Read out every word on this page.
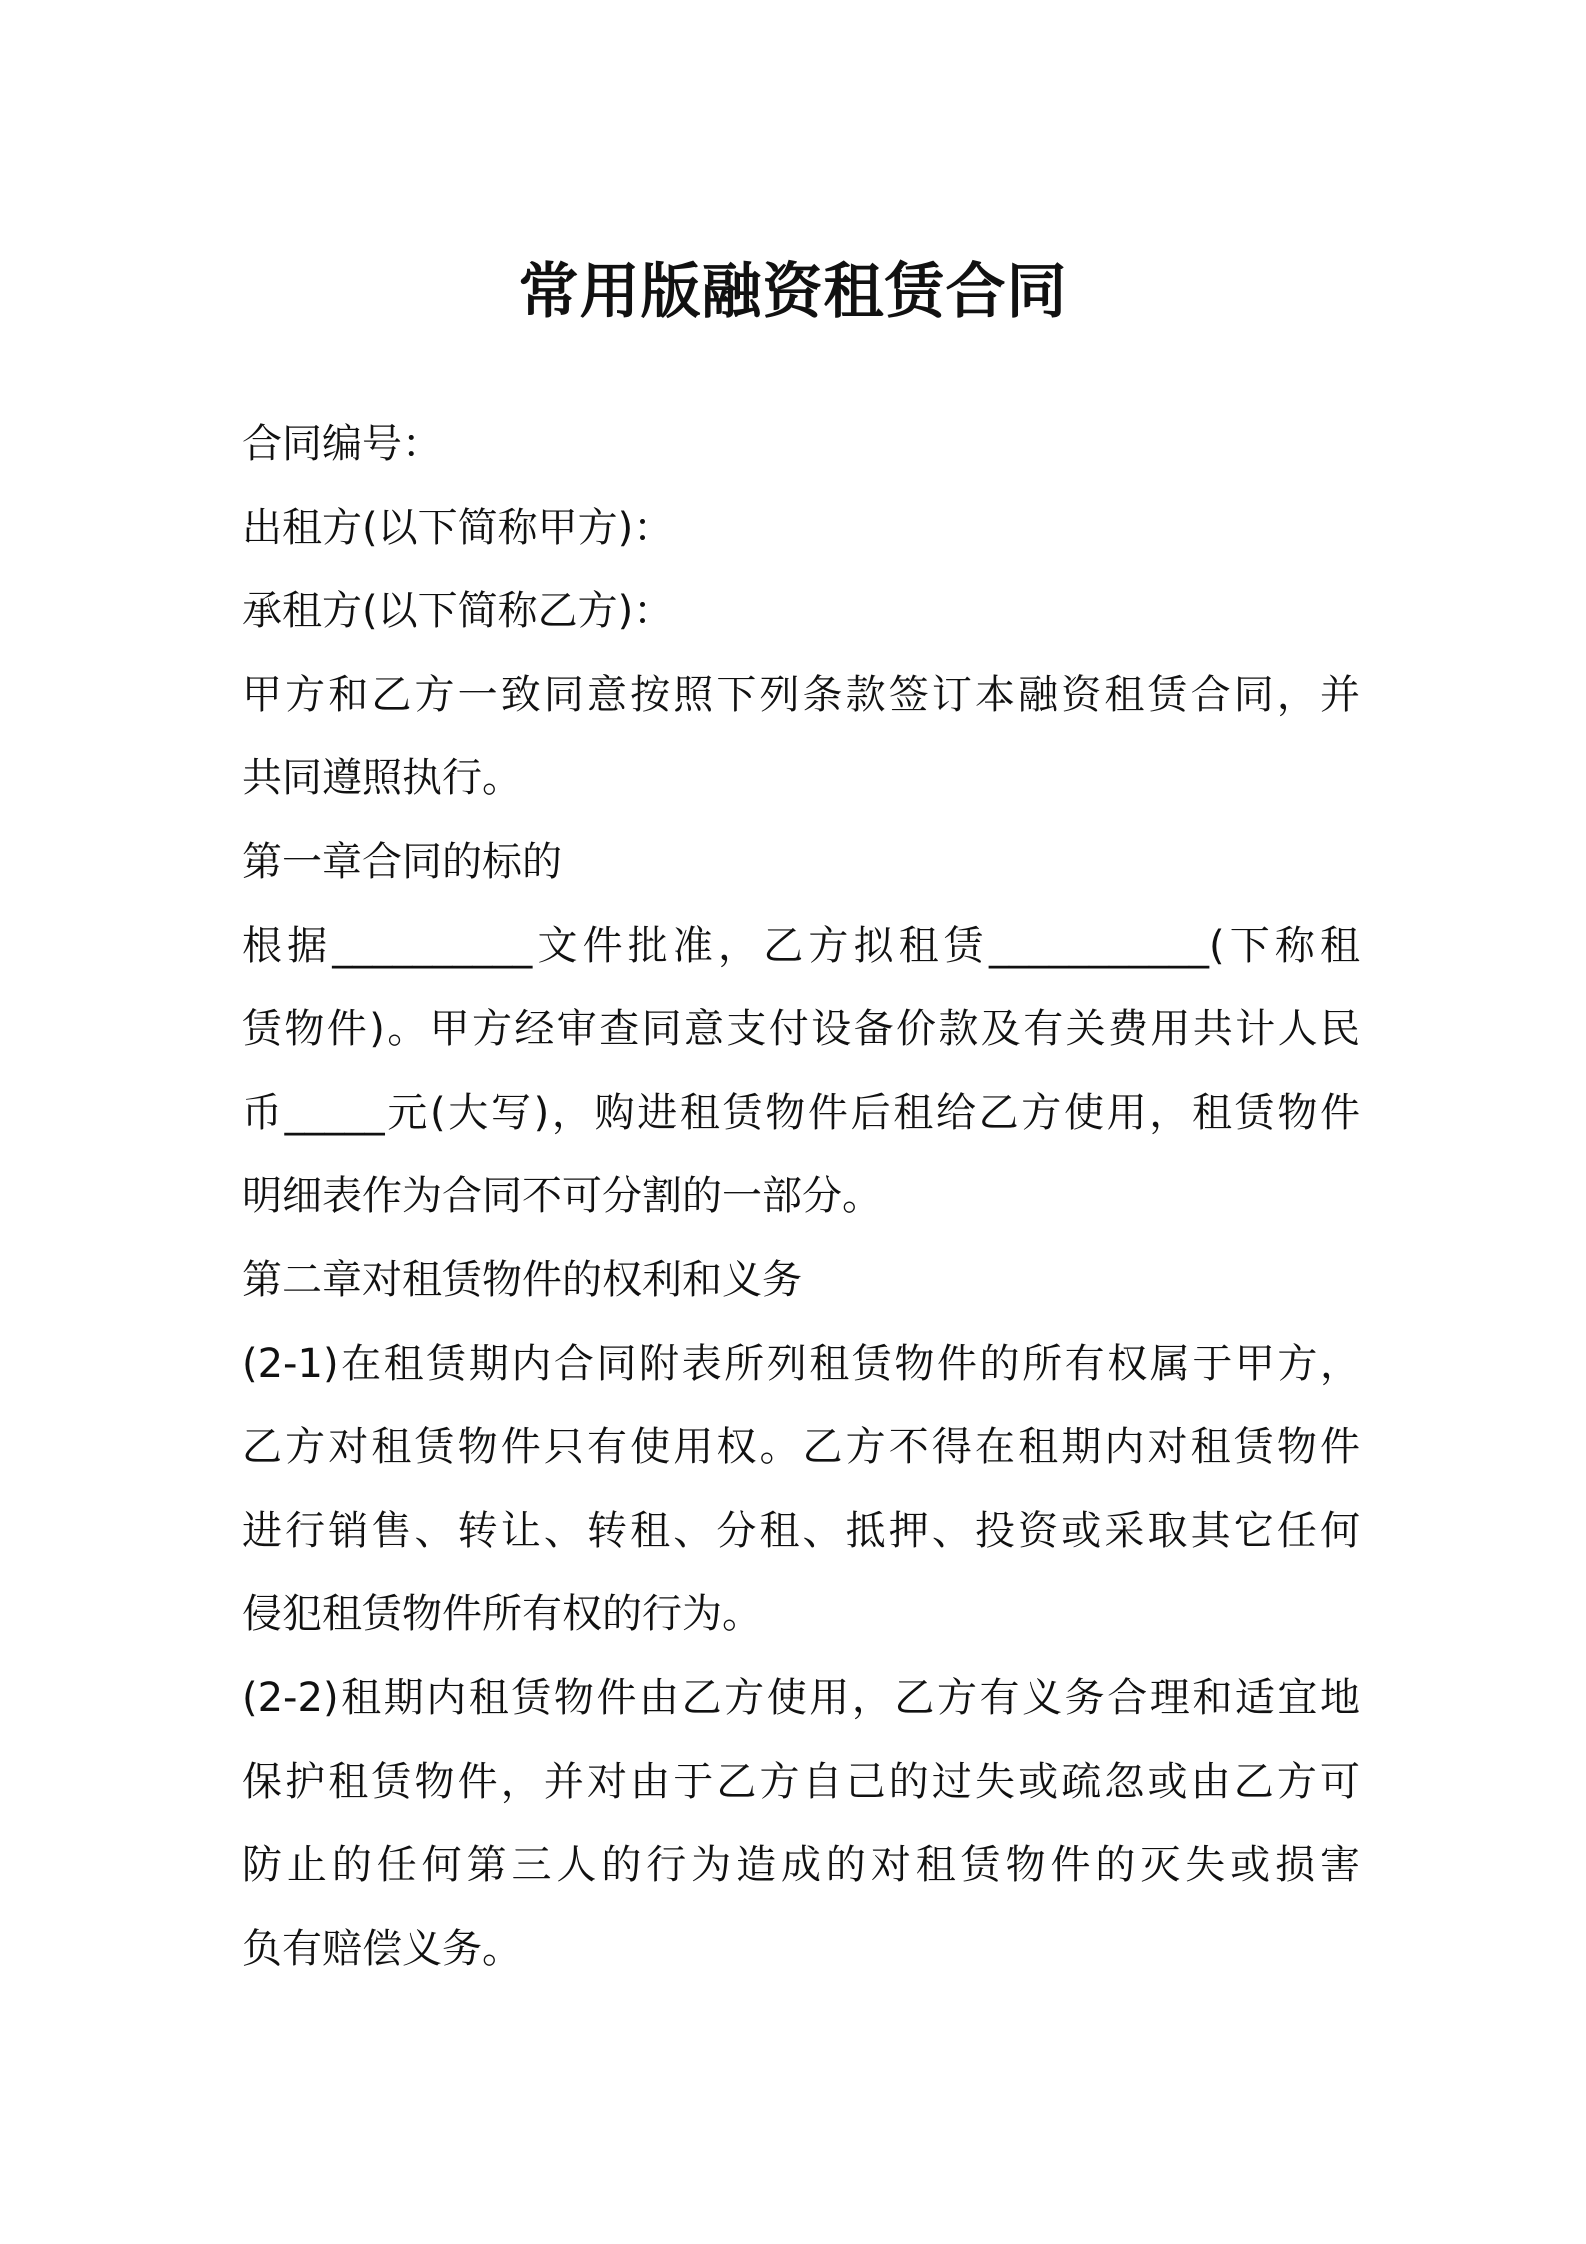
常用版融资租赁合同
合同编号：
出租方(以下简称甲方)：
承租方(以下简称乙方)：
甲方和乙方一致同意按照下列条款签订本融资租赁合同，并
共同遵照执行。
第一章合同的标的
根据__________文件批准，乙方拟租赁___________(下称租
赁物件)。甲方经审查同意支付设备价款及有关费用共计人民
币_____元(大写)，购进租赁物件后租给乙方使用，租赁物件
明细表作为合同不可分割的一部分。
第二章对租赁物件的权利和义务
(2-1)在租赁期内合同附表所列租赁物件的所有权属于甲方，
乙方对租赁物件只有使用权。乙方不得在租期内对租赁物件
进行销售、转让、转租、分租、抵押、投资或采取其它任何
侵犯租赁物件所有权的行为。
(2-2)租期内租赁物件由乙方使用，乙方有义务合理和适宜地
保护租赁物件，并对由于乙方自己的过失或疏忽或由乙方可
防止的任何第三人的行为造成的对租赁物件的灭失或损害
负有赔偿义务。
